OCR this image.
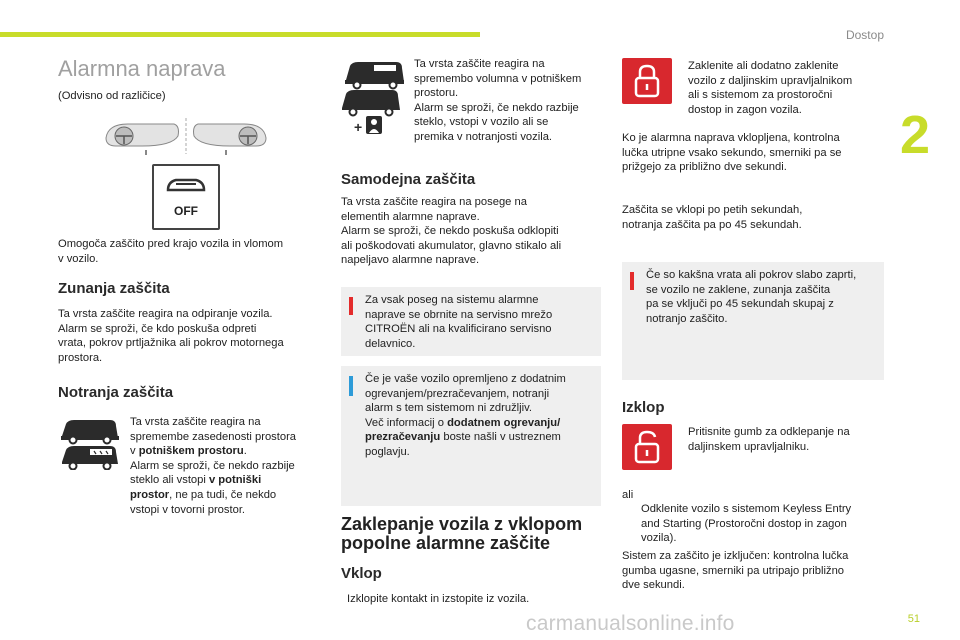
Dostop
2
Alarmna naprava
(Odvisno od različice)
OFF
Omogoča zaščito pred krajo vozila in vlomom
v vozilo.
Zunanja zaščita
Ta vrsta zaščite reagira na odpiranje vozila.
Alarm se sproži, če kdo poskuša odpreti
vrata, pokrov prtljažnika ali pokrov motornega
prostora.
Notranja zaščita
Ta vrsta zaščite reagira na
spremembe zasedenosti prostora
v potniškem prostoru.
Alarm se sproži, če nekdo razbije
steklo ali vstopi v potniški
prostor, ne pa tudi, če nekdo
vstopi v tovorni prostor.
+
Ta vrsta zaščite reagira na
spremembo volumna v potniškem
prostoru.
Alarm se sproži, če nekdo razbije
steklo, vstopi v vozilo ali se
premika v notranjosti vozila.
Samodejna zaščita
Ta vrsta zaščite reagira na posege na
elementih alarmne naprave.
Alarm se sproži, če nekdo poskuša odklopiti
ali poškodovati akumulator, glavno stikalo ali
napeljavo alarmne naprave.
Za vsak poseg na sistemu alarmne
naprave se obrnite na servisno mrežo
CITROËN ali na kvalificirano servisno
delavnico.
Če je vaše vozilo opremljeno z dodatnim
ogrevanjem/prezračevanjem, notranji
alarm s tem sistemom ni združljiv.
Več informacij o dodatnem ogrevanju/
prezračevanju boste našli v ustreznem
poglavju.
Zaklepanje vozila z vklopom
popolne alarmne zaščite
Vklop
Izklopite kontakt in izstopite iz vozila.
Zaklenite ali dodatno zaklenite
vozilo z daljinskim upravljalnikom
ali s sistemom za prostoročni
dostop in zagon vozila.
Ko je alarmna naprava vklopljena, kontrolna
lučka utripne vsako sekundo, smerniki pa se
prižgejo za približno dve sekundi.
Zaščita se vklopi po petih sekundah,
notranja zaščita pa po 45 sekundah.
Če so kakšna vrata ali pokrov slabo zaprti,
se vozilo ne zaklene, zunanja zaščita
pa se vključi po 45 sekundah skupaj z
notranjo zaščito.
Izklop
Pritisnite gumb za odklepanje na
daljinskem upravljalniku.
ali
Odklenite vozilo s sistemom Keyless Entry
and Starting (Prostoročni dostop in zagon
vozila).
Sistem za zaščito je izključen: kontrolna lučka
gumba ugasne, smerniki pa utripajo približno
dve sekundi.
carmanualsonline.info	51
